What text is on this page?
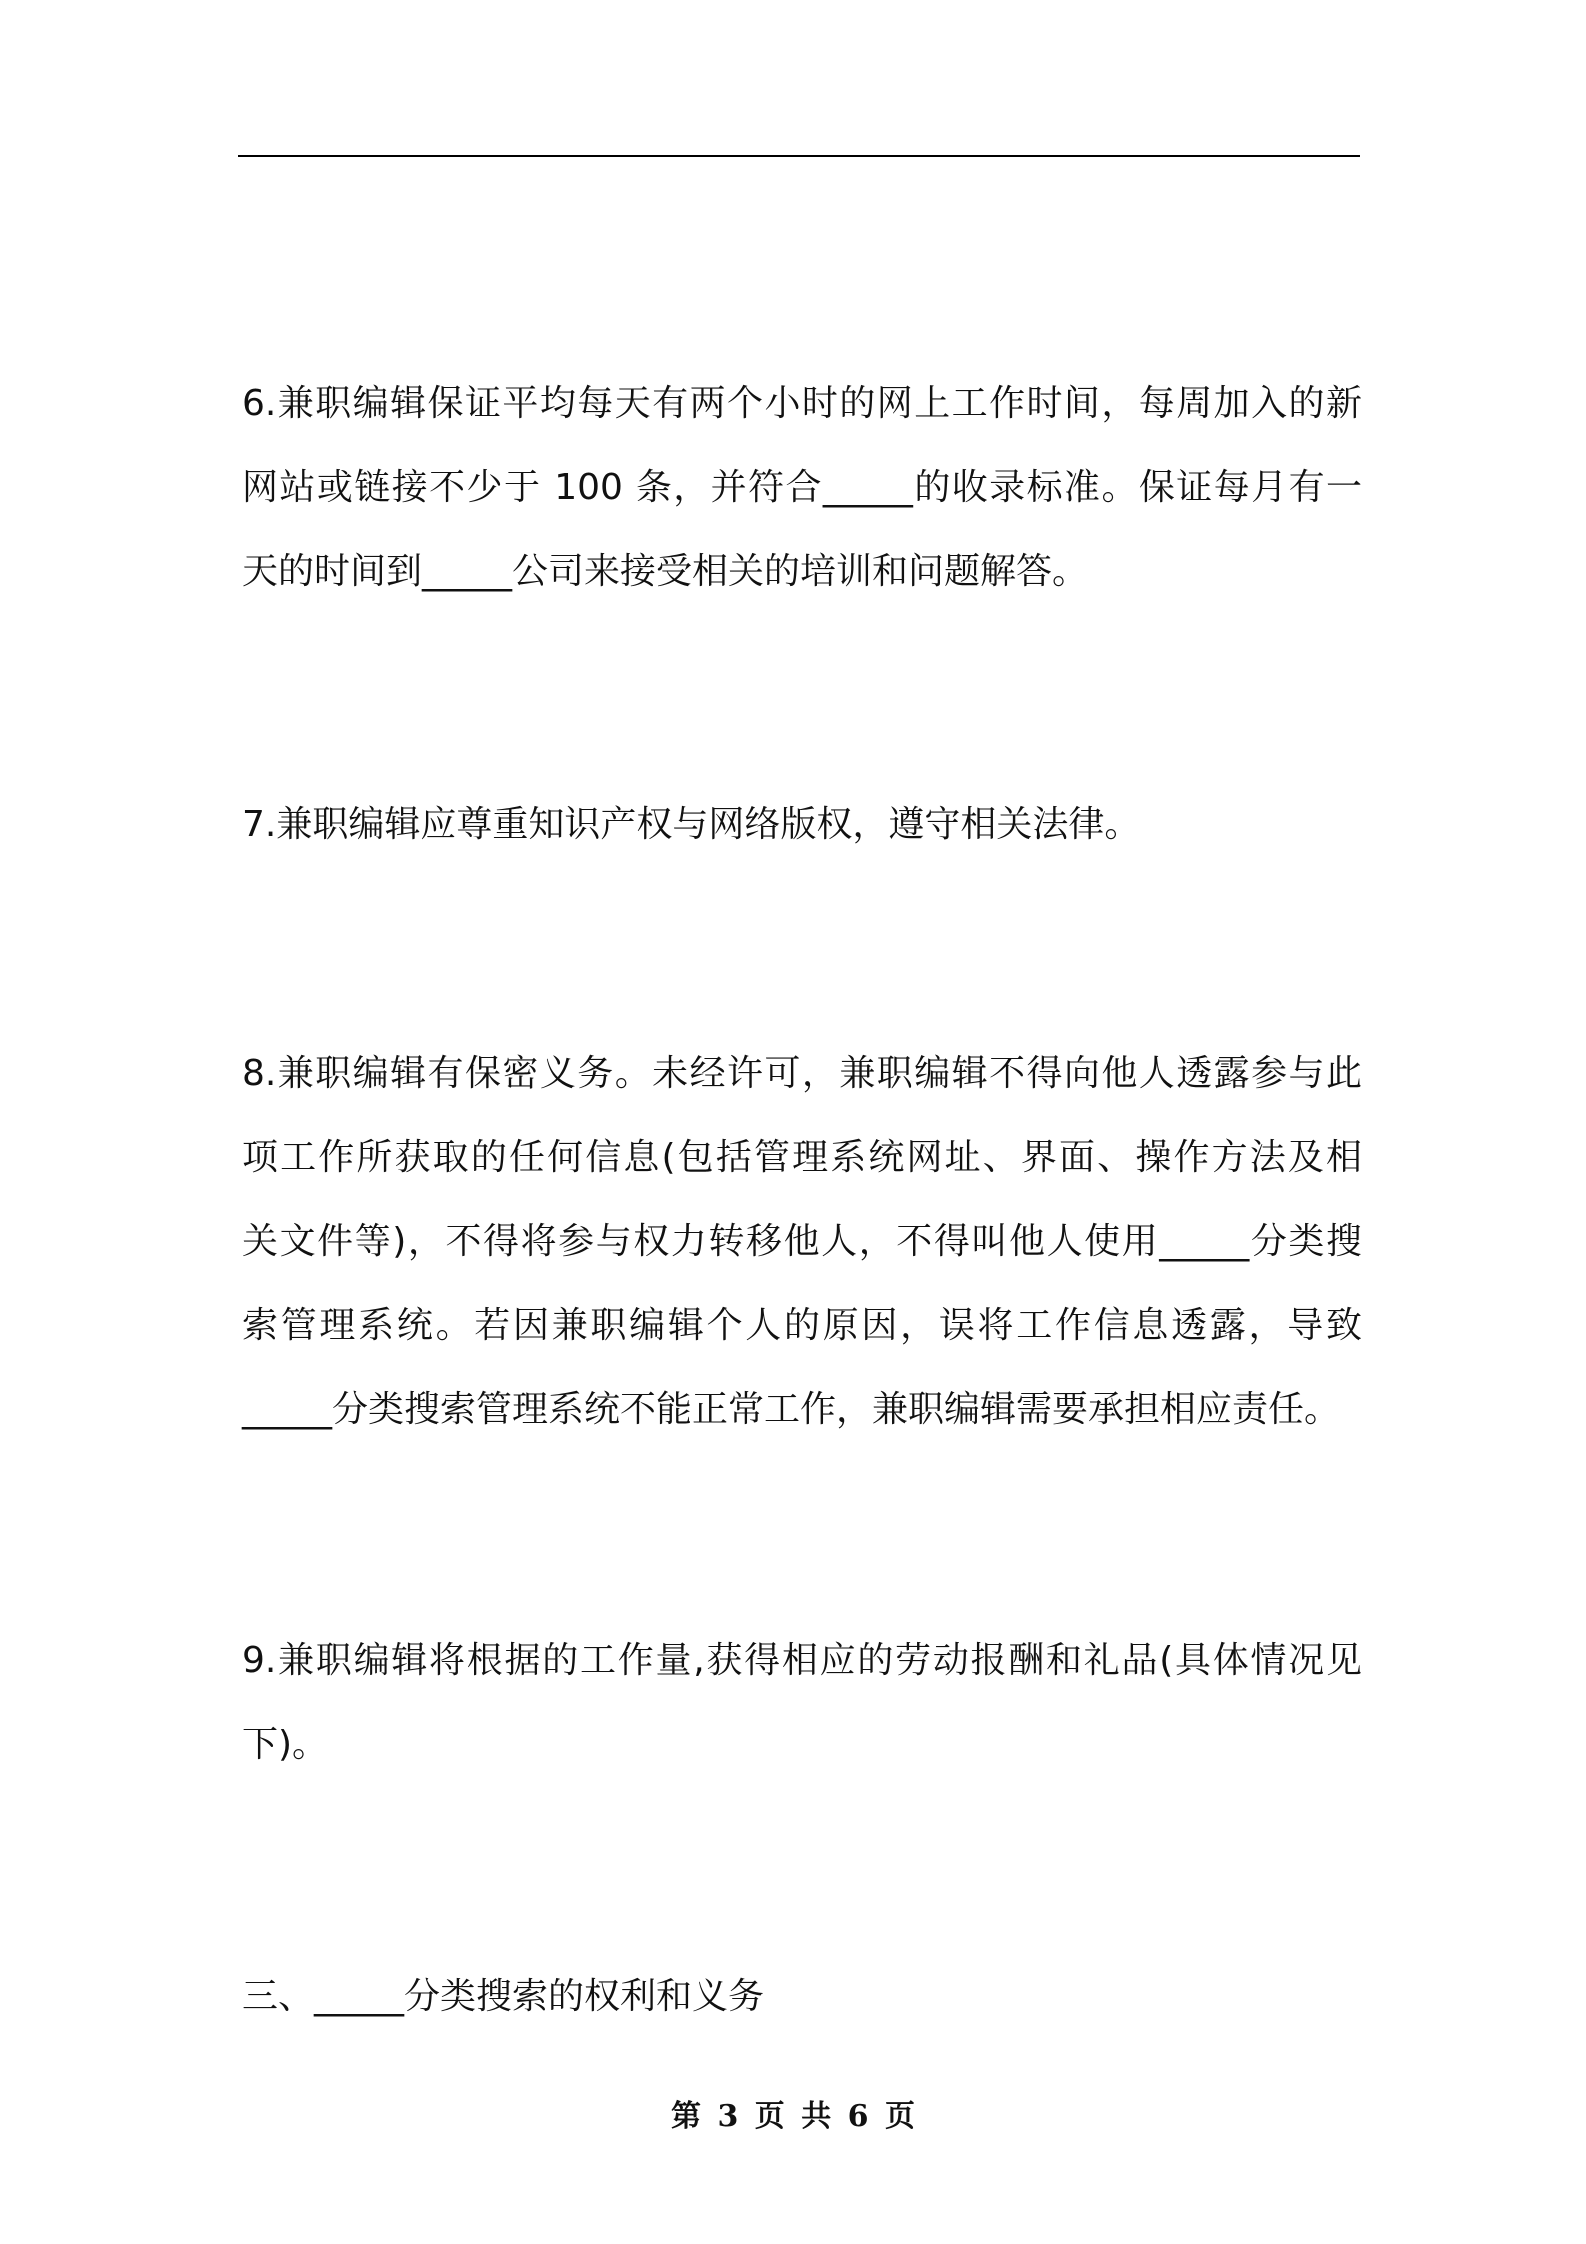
6.兼职编辑保证平均每天有两个小时的网上工作时间，每周加入的新
网站或链接不少于 100 条，并符合_____的收录标准。保证每月有一
天的时间到_____公司来接受相关的培训和问题解答。
7.兼职编辑应尊重知识产权与网络版权，遵守相关法律。
8.兼职编辑有保密义务。未经许可，兼职编辑不得向他人透露参与此
项工作所获取的任何信息(包括管理系统网址、界面、操作方法及相
关文件等)，不得将参与权力转移他人，不得叫他人使用_____分类搜
索管理系统。若因兼职编辑个人的原因，误将工作信息透露，导致
_____分类搜索管理系统不能正常工作，兼职编辑需要承担相应责任。
9.兼职编辑将根据的工作量,获得相应的劳动报酬和礼品(具体情况见
下)。
三、_____分类搜索的权利和义务
第 3 页 共 6 页
